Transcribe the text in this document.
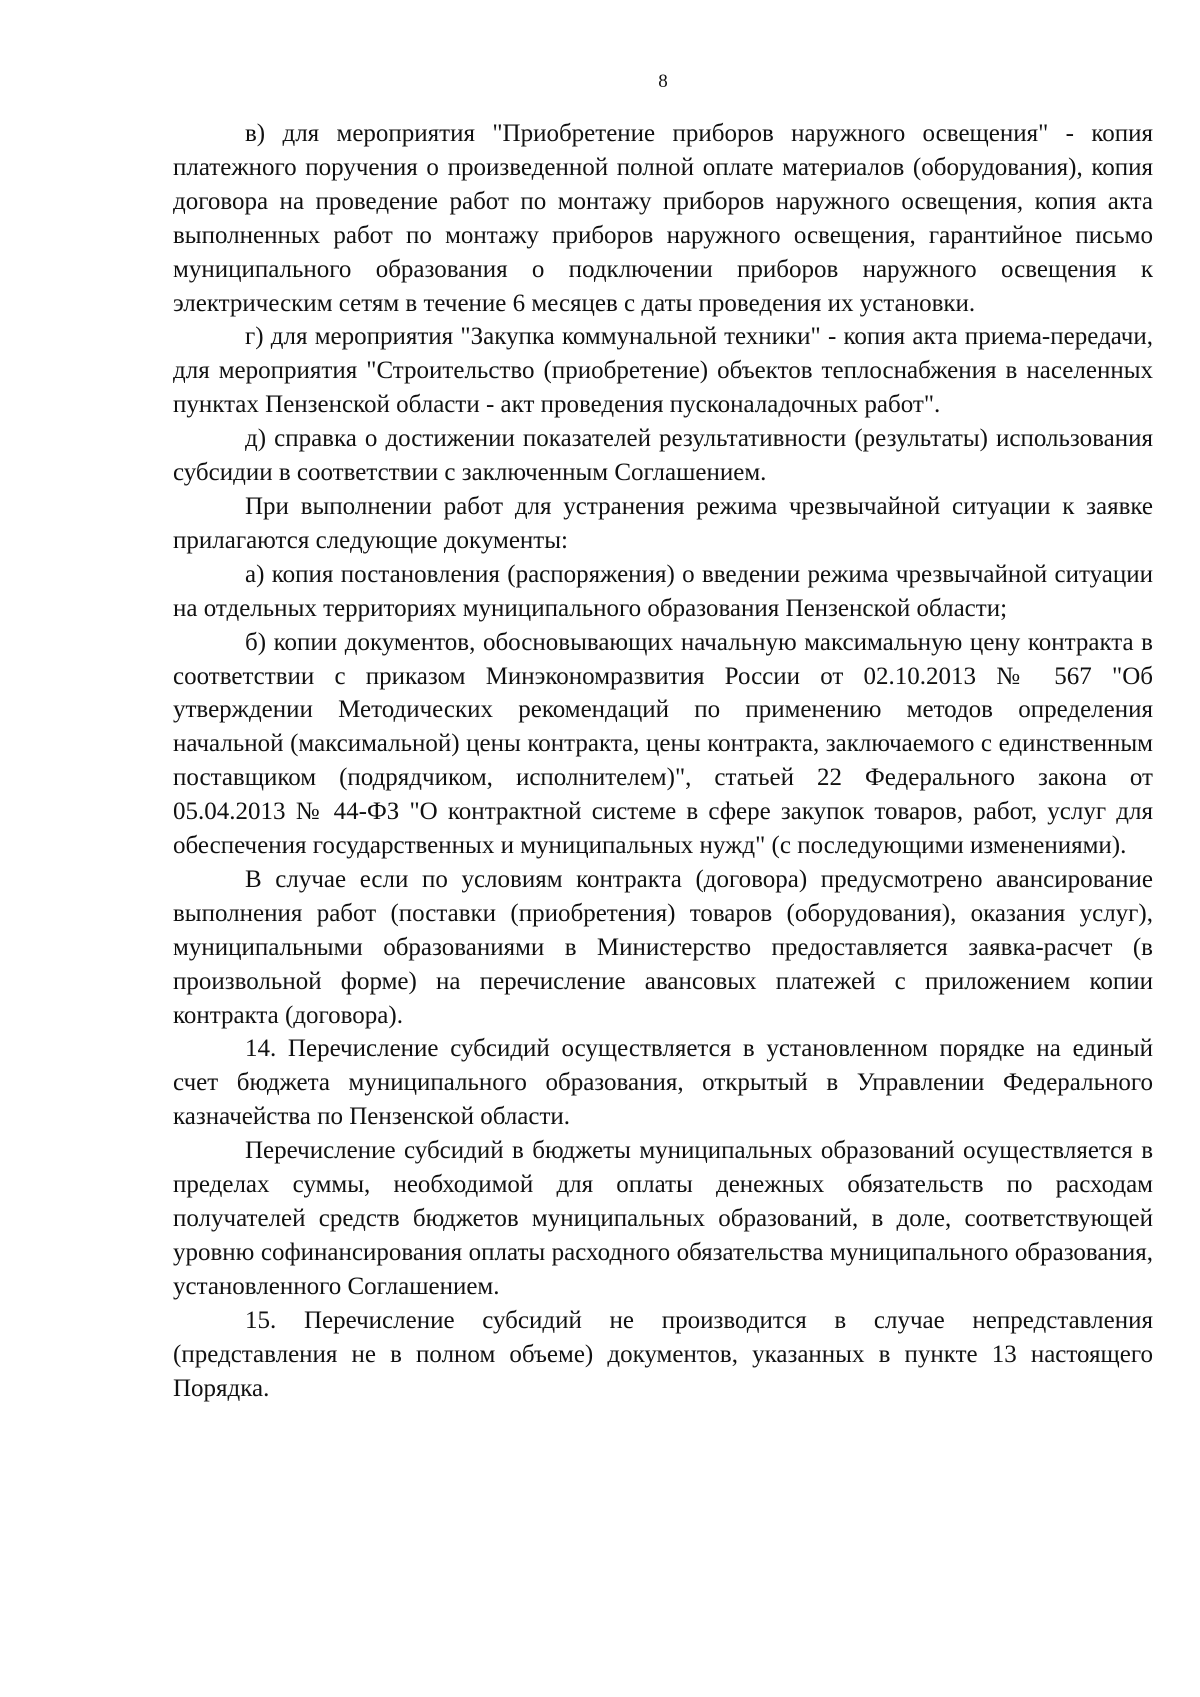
8

в) для мероприятия "Приобретение приборов наружного освещения" - копия платежного поручения о произведенной полной оплате материалов (оборудования), копия договора на проведение работ по монтажу приборов наружного освещения, копия акта выполненных работ по монтажу приборов наружного освещения, гарантийное письмо муниципального образования о подключении приборов наружного освещения к электрическим сетям в течение 6 месяцев с даты проведения их установки.

г) для мероприятия "Закупка коммунальной техники" - копия акта приема-передачи, для мероприятия "Строительство (приобретение) объектов теплоснабжения в населенных пунктах Пензенской области - акт проведения пусконаладочных работ".

д) справка о достижении показателей результативности (результаты) использования субсидии в соответствии с заключенным Соглашением.

При выполнении работ для устранения режима чрезвычайной ситуации к заявке прилагаются следующие документы:

а) копия постановления (распоряжения) о введении режима чрезвычайной ситуации на отдельных территориях муниципального образования Пензенской области;

б) копии документов, обосновывающих начальную максимальную цену контракта в соответствии с приказом Минэкономразвития России от 02.10.2013 № 567 "Об утверждении Методических рекомендаций по применению методов определения начальной (максимальной) цены контракта, цены контракта, заключаемого с единственным поставщиком (подрядчиком, исполнителем)", статьей 22 Федерального закона от 05.04.2013 № 44-ФЗ "О контрактной системе в сфере закупок товаров, работ, услуг для обеспечения государственных и муниципальных нужд" (с последующими изменениями).

В случае если по условиям контракта (договора) предусмотрено авансирование выполнения работ (поставки (приобретения) товаров (оборудования), оказания услуг), муниципальными образованиями в Министерство предоставляется заявка-расчет (в произвольной форме) на перечисление авансовых платежей с приложением копии контракта (договора).

14. Перечисление субсидий осуществляется в установленном порядке на единый счет бюджета муниципального образования, открытый в Управлении Федерального казначейства по Пензенской области.

Перечисление субсидий в бюджеты муниципальных образований осуществляется в пределах суммы, необходимой для оплаты денежных обязательств по расходам получателей средств бюджетов муниципальных образований, в доле, соответствующей уровню софинансирования оплаты расходного обязательства муниципального образования, установленного Соглашением.

15. Перечисление субсидий не производится в случае непредставления (представления не в полном объеме) документов, указанных в пункте 13 настоящего Порядка.
